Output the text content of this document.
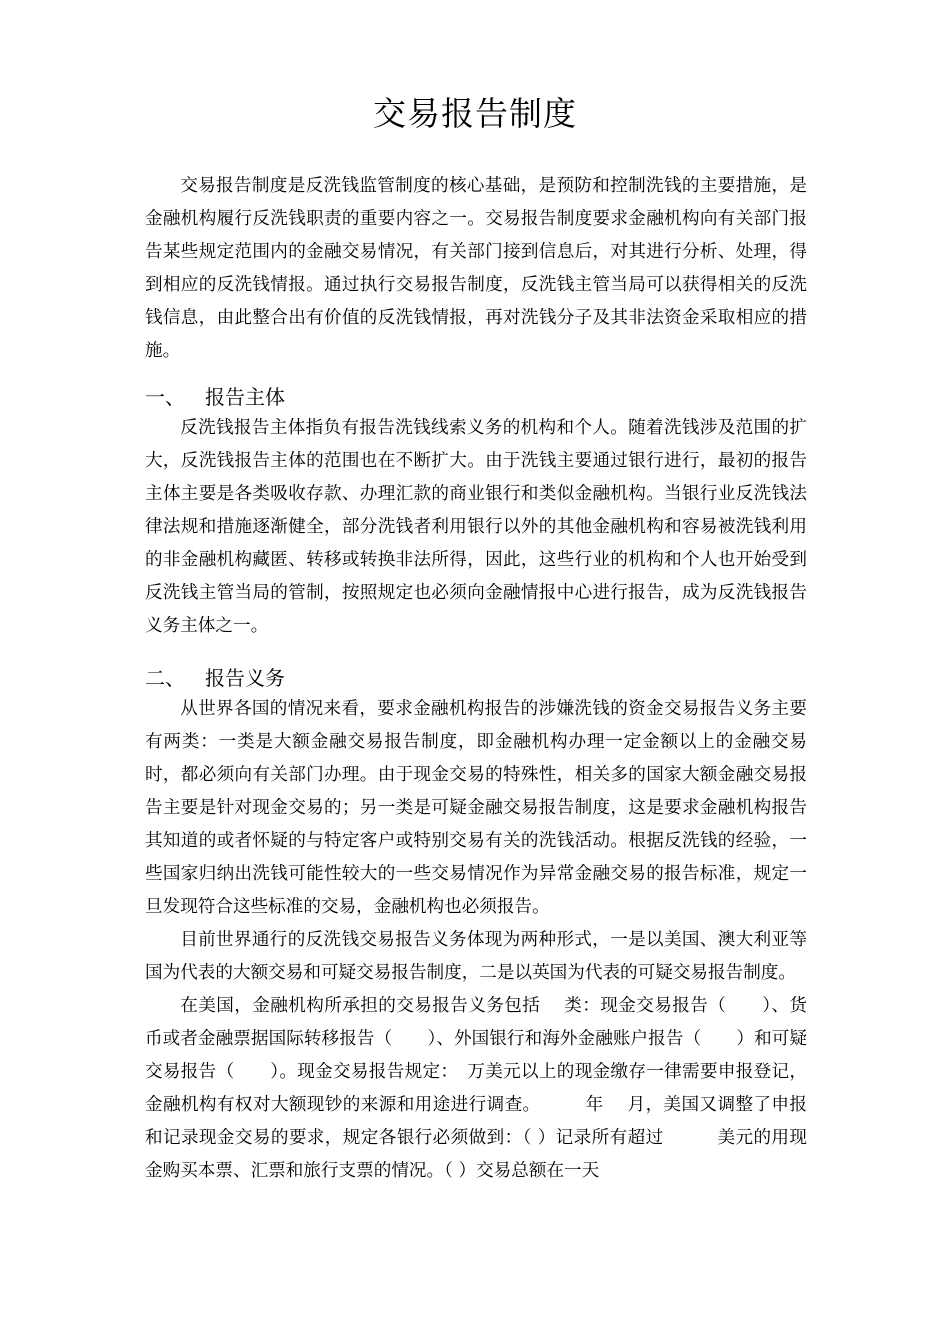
交易报告制度

交易报告制度是反洗钱监管制度的核心基础，是预防和控制洗钱的主要措施，是金融机构履行反洗钱职责的重要内容之一。交易报告制度要求金融机构向有关部门报告某些规定范围内的金融交易情况，有关部门接到信息后，对其进行分析、处理，得到相应的反洗钱情报。通过执行交易报告制度，反洗钱主管当局可以获得相关的反洗钱信息，由此整合出有价值的反洗钱情报，再对洗钱分子及其非法资金采取相应的措施。

一、 报告主体

反洗钱报告主体指负有报告洗钱线索义务的机构和个人。随着洗钱涉及范围的扩大，反洗钱报告主体的范围也在不断扩大。由于洗钱主要通过银行进行，最初的报告主体主要是各类吸收存款、办理汇款的商业银行和类似金融机构。当银行业反洗钱法律法规和措施逐渐健全，部分洗钱者利用银行以外的其他金融机构和容易被洗钱利用的非金融机构藏匿、转移或转换非法所得，因此，这些行业的机构和个人也开始受到反洗钱主管当局的管制，按照规定也必须向金融情报中心进行报告，成为反洗钱报告义务主体之一。

二、 报告义务

从世界各国的情况来看，要求金融机构报告的涉嫌洗钱的资金交易报告义务主要有两类：一类是大额金融交易报告制度，即金融机构办理一定金额以上的金融交易时，都必须向有关部门办理。由于现金交易的特殊性，相关多的国家大额金融交易报告主要是针对现金交易的；另一类是可疑金融交易报告制度，这是要求金融机构报告其知道的或者怀疑的与特定客户或特别交易有关的洗钱活动。根据反洗钱的经验，一些国家归纳出洗钱可能性较大的一些交易情况作为异常金融交易的报告标准，规定一旦发现符合这些标准的交易，金融机构也必须报告。

目前世界通行的反洗钱交易报告义务体现为两种形式，一是以美国、澳大利亚等国为代表的大额交易和可疑交易报告制度，二是以英国为代表的可疑交易报告制度。

在美国，金融机构所承担的交易报告义务包括　 类：现金交易报告（　　）、货币或者金融票据国际转移报告（　　）、外国银行和海外金融账户报告（　　）和可疑交易报告（　　）。现金交易报告规定：　万美元以上的现金缴存一律需要申报登记，金融机构有权对大额现钞的来源和用途进行调查。　　　年　 月，美国又调整了申报和记录现金交易的要求，规定各银行必须做到：（ ）记录所有超过　　　美元的用现金购买本票、汇票和旅行支票的情况。（ ）交易总额在一天
